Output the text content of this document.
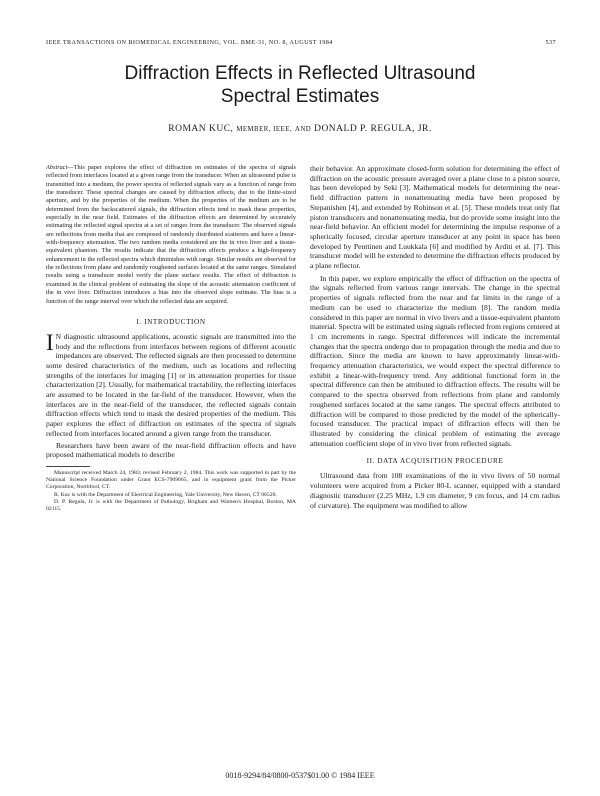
IEEE TRANSACTIONS ON BIOMEDICAL ENGINEERING, VOL. BME-31, NO. 8, AUGUST 1984	537
Diffraction Effects in Reflected Ultrasound
Spectral Estimates
ROMAN KUC, MEMBER, IEEE, AND DONALD P. REGULA, JR.

Abstract—This paper explores the effect of diffraction on estimates of the spectra of signals reflected from interfaces located at a given range from the transducer. When an ultrasound pulse is transmitted into a medium, the power spectra of reflected signals vary as a function of range from the transducer. These spectral changes are caused by diffraction effects, due to the finite-sized aperture, and by the properties of the medium. When the properties of the medium are to be determined from the backscattered signals, the diffraction effects tend to mask these properties, especially in the near field. Estimates of the diffraction effects are determined by accurately estimating the reflected signal spectra at a set of ranges from the transducer. The observed signals are reflections from media that are composed of randomly distributed scatterers and have a linear-with-frequency attenuation. The two random media considered are the in vivo liver and a tissue-equivalent phantom. The results indicate that the diffraction effects produce a high-frequency enhancement in the reflected spectra which diminishes with range. Similar results are observed for the reflections from plane and randomly roughened surfaces located at the same ranges. Simulated results using a transducer model verify the plane surface results. The effect of diffraction is examined in the clinical problem of estimating the slope of the acoustic attenuation coefficient of the in vivo liver. Diffraction introduces a bias into the observed slope estimate. The bias is a function of the range interval over which the reflected data are acquired.

I. INTRODUCTION

I N diagnostic ultrasound applications, acoustic signals are transmitted into the body and the reflections from interfaces between regions of different acoustic impedances are observed. The reflected signals are then processed to determine some desired characteristics of the medium, such as locations and reflecting strengths of the interfaces for imaging [1] or its attenuation properties for tissue characterization [2]. Usually, for mathematical tractability, the reflecting interfaces are assumed to be located in the far-field of the transducer. However, when the interfaces are in the near-field of the transducer, the reflected signals contain diffraction effects which tend to mask the desired properties of the medium. This paper explores the effect of diffraction on estimates of the spectra of signals reflected from interfaces located around a given range from the transducer.

Researchers have been aware of the near-field diffraction effects and have proposed mathematical models to describe

Manuscript received March 24, 1983; revised February 2, 1984. This work was supported in part by the National Science Foundation under Grant ECS-7909665, and in equipment grant from the Picker Corporation, Northford, CT.

R. Kuc is with the Department of Electrical Engineering, Yale University, New Haven, CT 06520.

D. P. Regula, Jr. is with the Department of Pathology, Brigham and Women's Hospital, Boston, MA 02115.

their behavior. An approximate closed-form solution for determining the effect of diffraction on the acoustic pressure averaged over a plane close to a piston source, has been developed by Seki [3]. Mathematical models for determining the near-field diffraction pattern in nonattenuating media have been proposed by Stepanishen [4], and extended by Robinson et al. [5]. These models treat only flat piston transducers and nonattenuating media, but do provide some insight into the near-field behavior. An efficient model for determining the impulse response of a spherically focused, circular aperture transducer at any point in space has been developed by Penttinen and Luukkala [6] and modified by Arditi et al. [7]. This transducer model will be extended to determine the diffraction effects produced by a plane reflector.

In this paper, we explore empirically the effect of diffraction on the spectra of the signals reflected from various range intervals. The change in the spectral properties of signals reflected from the near and far limits in the range of a medium can be used to characterize the medium [8]. The random media considered in this paper are normal in vivo livers and a tissue-equivalent phantom material. Spectra will be estimated using signals reflected from regions centered at 1 cm increments in range. Spectral differences will indicate the incremental changes that the spectra undergo due to propagation through the media and due to diffraction. Since the media are known to have approximately linear-with-frequency attenuation characteristics, we would expect the spectral difference to exhibit a linear-with-frequency trend. Any additional functional form in the spectral difference can then be attributed to diffraction effects. The results will be compared to the spectra observed from reflections from plane and randomly roughened surfaces located at the same ranges. The spectral effects attributed to diffraction will be compared to those predicted by the model of the spherically-focused transducer. The practical impact of diffraction effects will then be illustrated by considering the clinical problem of estimating the average attenuation coefficient slope of in vivo liver from reflected signals.

II. DATA ACQUISITION PROCEDURE

Ultrasound data from 108 examinations of the in vivo livers of 50 normal volunteers were acquired from a Picker 80-L scanner, equipped with a standard diagnostic transducer (2.25 MHz, 1.9 cm diameter, 9 cm focus, and 14 cm radius of curvature). The equipment was modified to allow

0018-9294/84/0800-0537$01.00 © 1984 IEEE
